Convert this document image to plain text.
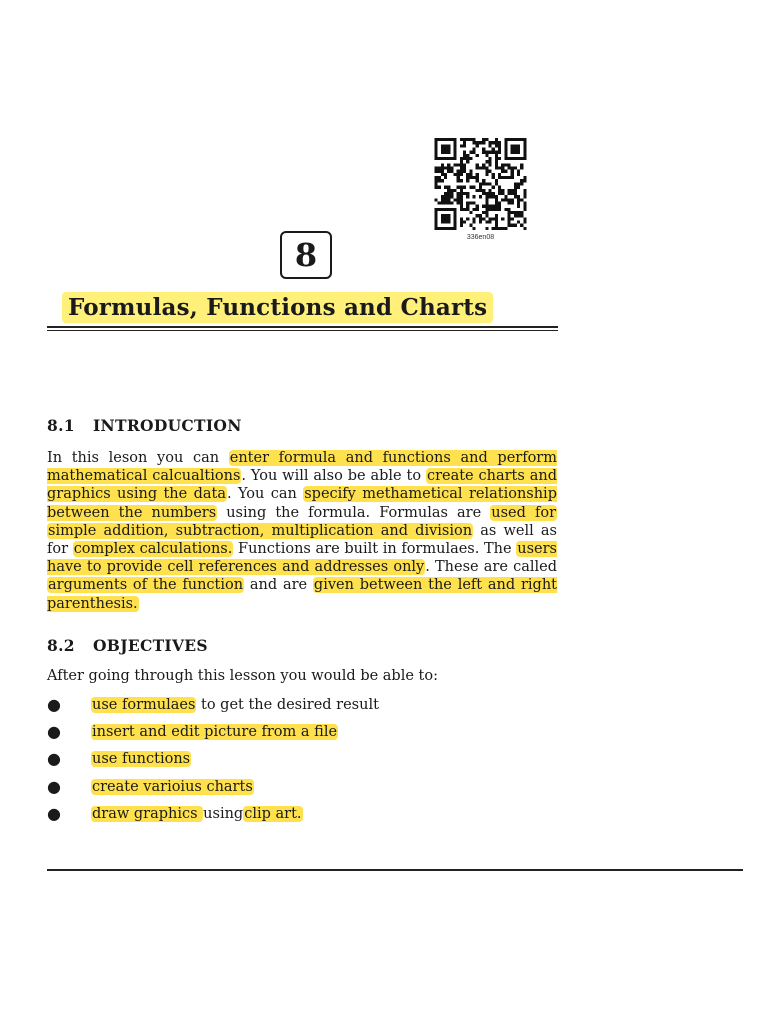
336en08
8
Formulas, Functions and Charts
8.1 INTRODUCTION

In this leson you can enter formula and functions and perform mathematical calcualtions. You will also be able to create charts and graphics using the data. You can specify methametical relationship between the numbers using the formula. Formulas are used for simple addition, subtraction, multiplication and division as well as for complex calculations. Functions are built in formulaes. The users have to provide cell references and addresses only. These are called arguments of the function and are given between the left and right parenthesis.

8.2 OBJECTIVES

After going through this lesson you would be able to:

● use formulaes to get the desired result
● insert and edit picture from a file
● use functions
● create varioius charts
● draw graphics usingclip art.
